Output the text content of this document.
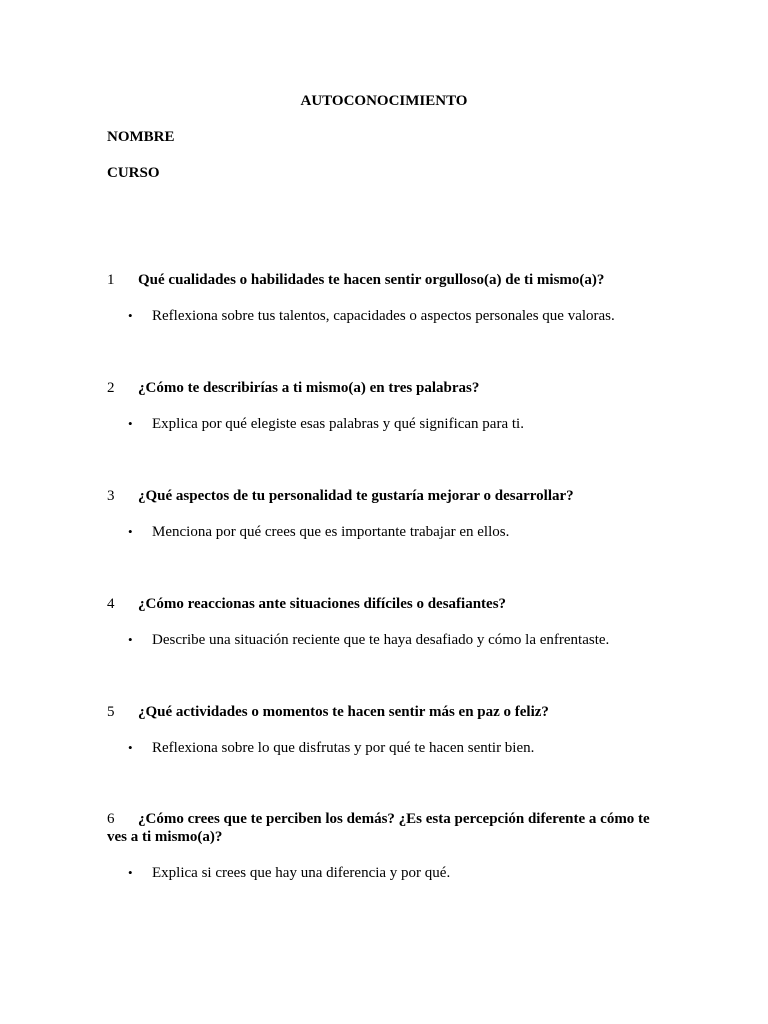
AUTOCONOCIMIENTO
NOMBRE
CURSO
1 Qué cualidades o habilidades te hacen sentir orgulloso(a) de ti mismo(a)?
• Reflexiona sobre tus talentos, capacidades o aspectos personales que valoras.
2 ¿Cómo te describirías a ti mismo(a) en tres palabras?
• Explica por qué elegiste esas palabras y qué significan para ti.
3 ¿Qué aspectos de tu personalidad te gustaría mejorar o desarrollar?
• Menciona por qué crees que es importante trabajar en ellos.
4 ¿Cómo reaccionas ante situaciones difíciles o desafiantes?
• Describe una situación reciente que te haya desafiado y cómo la enfrentaste.
5 ¿Qué actividades o momentos te hacen sentir más en paz o feliz?
• Reflexiona sobre lo que disfrutas y por qué te hacen sentir bien.
6 ¿Cómo crees que te perciben los demás? ¿Es esta percepción diferente a cómo te ves a ti mismo(a)?
• Explica si crees que hay una diferencia y por qué.
